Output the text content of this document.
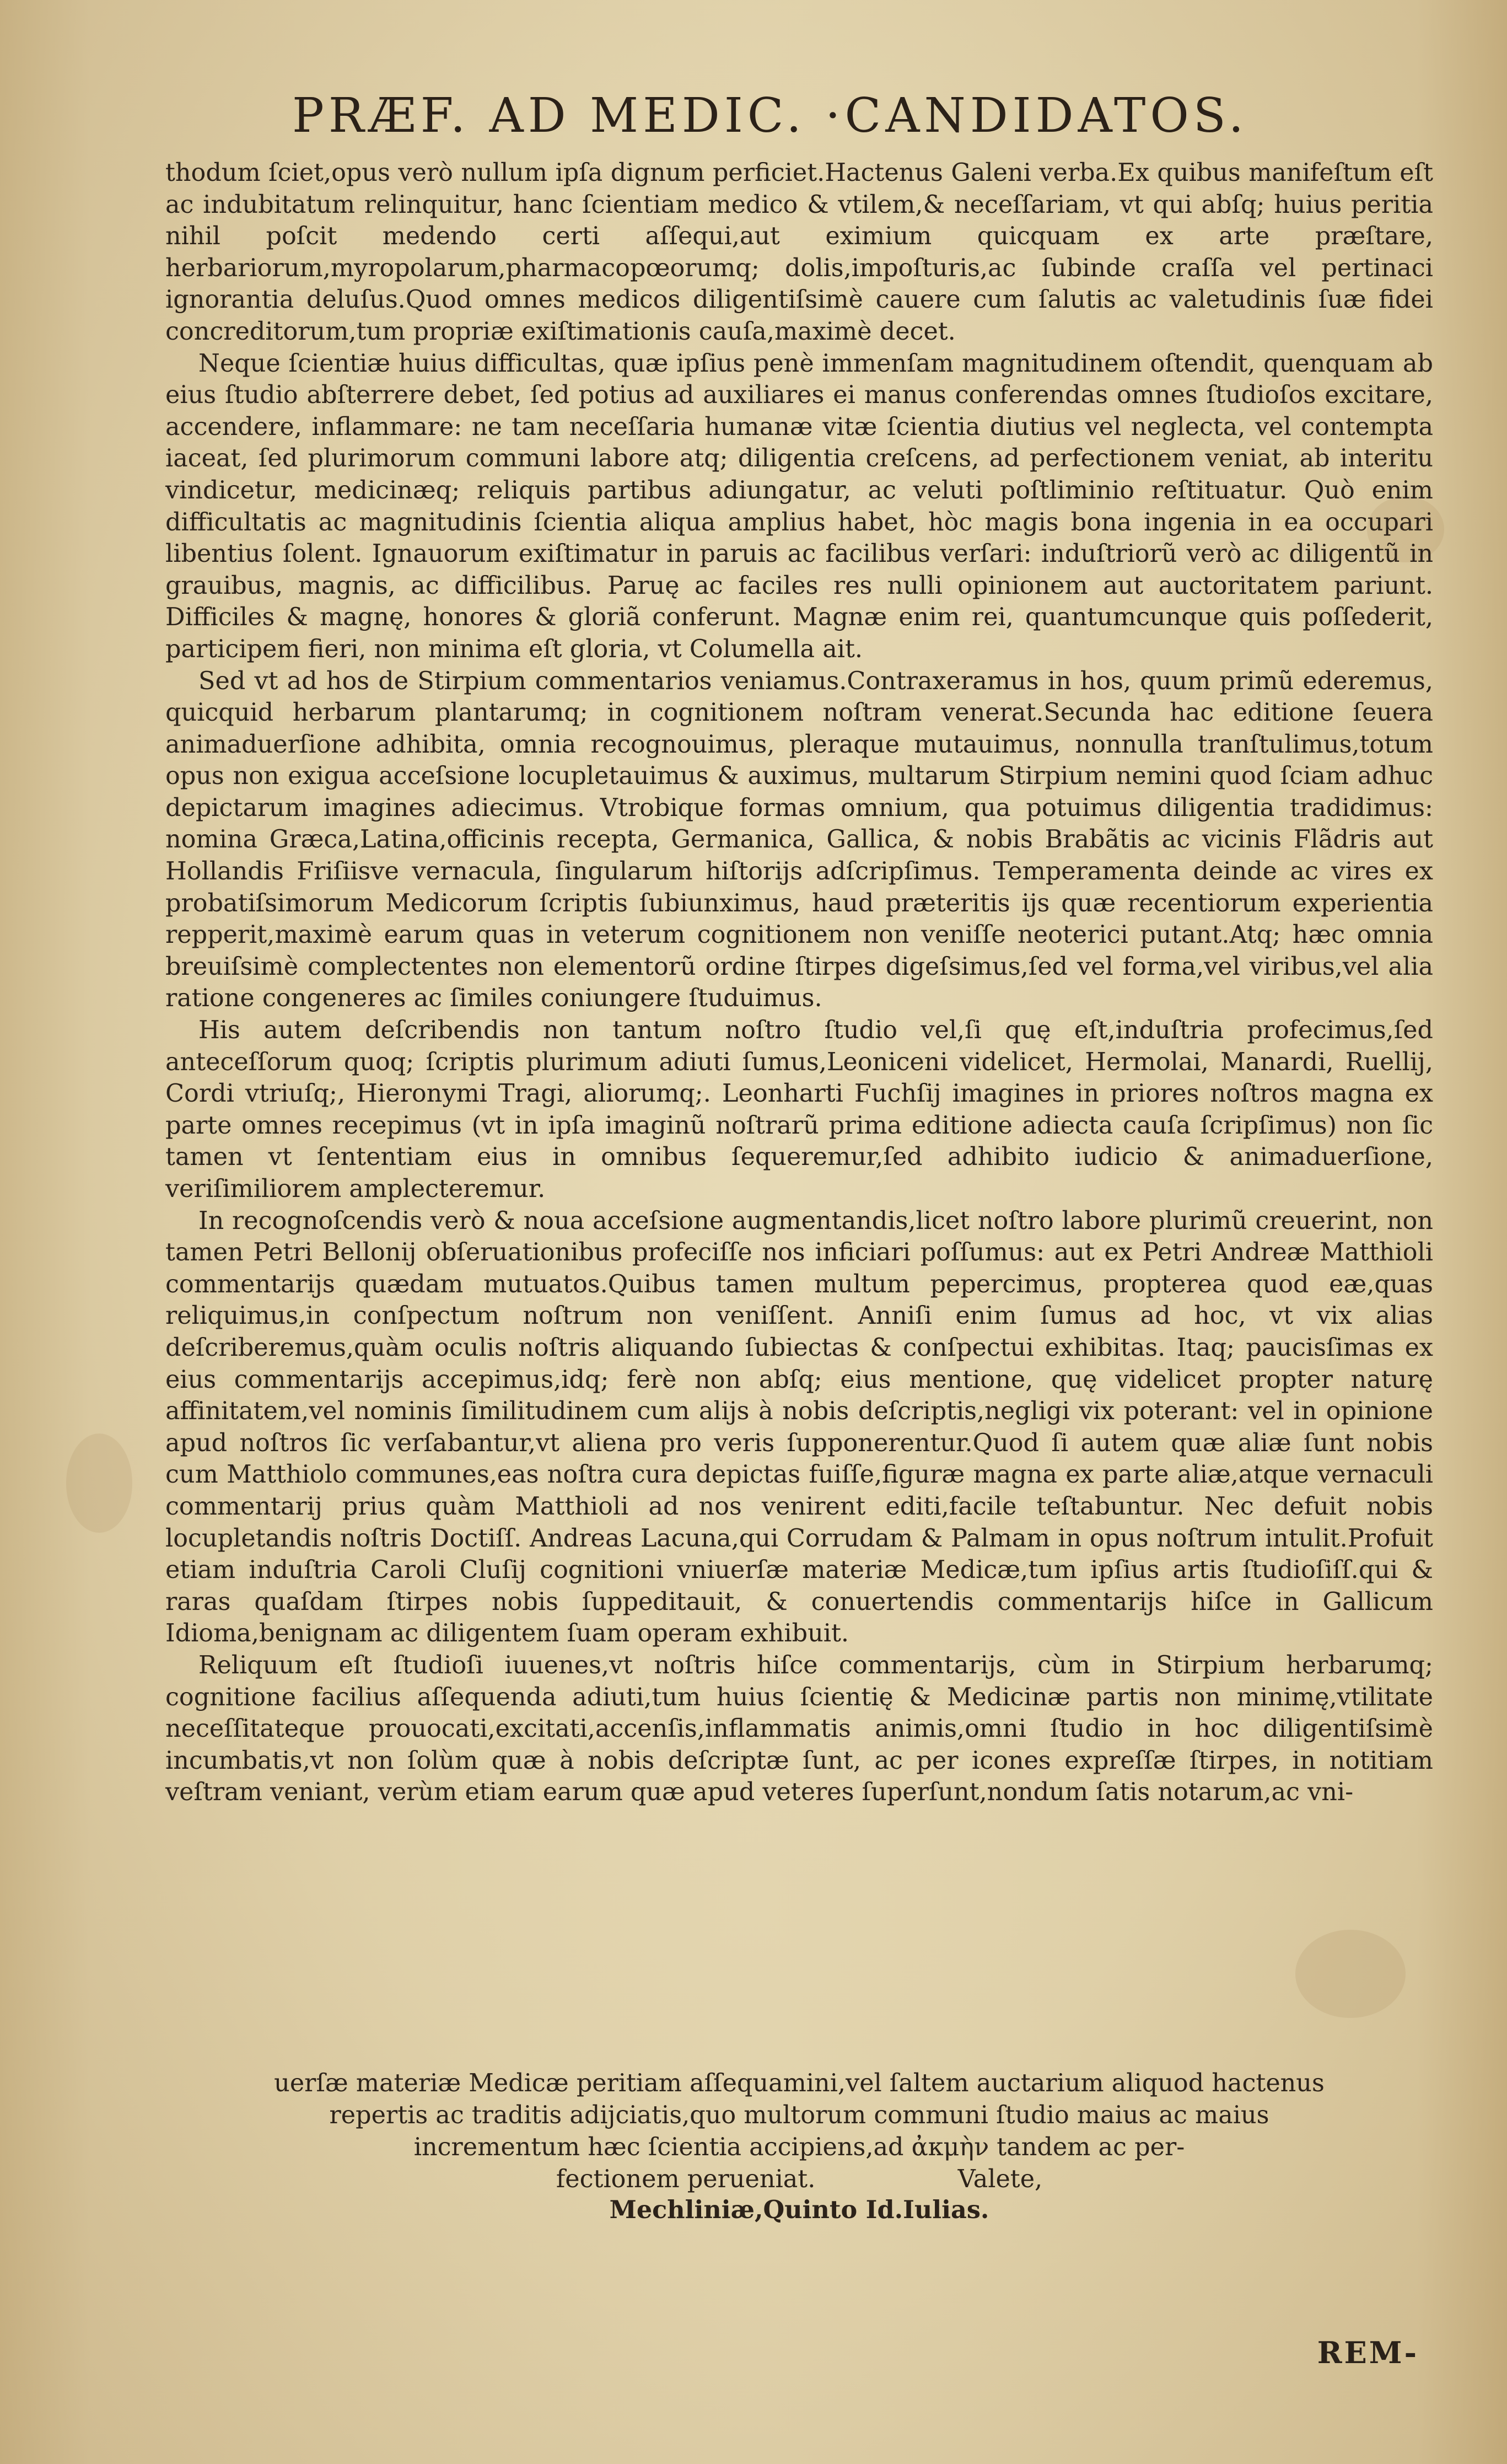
PRÆF. AD MEDIC. ·CANDIDATOS.

thodum ſciet,opus verò nullum ipſa dignum perficiet.Hactenus Galeni verba.Ex quibus manifeſtum eſt ac indubitatum relinquitur, hanc ſcientiam medico & vtilem,& neceſſariam, vt qui abſq; huius peritia nihil poſcit medendo certi aſſequi,aut eximium quicquam ex arte præſtare, herbariorum,myropolarum,pharmacopœorumq; dolis,impoſturis,ac ſubinde craſſa vel pertinaci ignorantia deluſus.Quod omnes medicos diligentiſsimè cauere cum ſalutis ac valetudinis ſuæ fidei concreditorum,tum propriæ exiſtimationis cauſa,maximè decet.

Neque ſcientiæ huius difficultas, quæ ipſius penè immenſam magnitudinem oſtendit, quenquam ab eius ſtudio abſterrere debet, ſed potius ad auxiliares ei manus conferendas omnes ſtudioſos excitare, accendere, inflammare: ne tam neceſſaria humanæ vitæ ſcientia diutius vel neglecta, vel contempta iaceat, ſed plurimorum communi labore atq; diligentia creſcens, ad perfectionem veniat, ab interitu vindicetur, medicinæq; reliquis partibus adiungatur, ac veluti poſtliminio reſtituatur. Quò enim difficultatis ac magnitudinis ſcientia aliqua amplius habet, hòc magis bona ingenia in ea occupari libentius ſolent. Ignauorum exiſtimatur in paruis ac facilibus verſari: induſtriorũ verò ac diligentũ in grauibus, magnis, ac difficilibus. Paruę ac faciles res nulli opinionem aut auctoritatem pariunt. Difficiles & magnę, honores & gloriã conferunt. Magnæ enim rei, quantumcunque quis poſſederit, participem fieri, non minima eſt gloria, vt Columella ait.

Sed vt ad hos de Stirpium commentarios veniamus.Contraxeramus in hos, quum primũ ederemus, quicquid herbarum plantarumq; in cognitionem noſtram venerat.Secunda hac editione ſeuera animaduerſione adhibita, omnia recognouimus, pleraque mutauimus, nonnulla tranſtulimus,totum opus non exigua acceſsione locupletauimus & auximus, multarum Stirpium nemini quod ſciam adhuc depictarum imagines adiecimus. Vtrobique formas omnium, qua potuimus diligentia tradidimus: nomina Græca,Latina,officinis recepta, Germanica, Gallica, & nobis Brabãtis ac vicinis Flãdris aut Hollandis Friſiisve vernacula, ſingularum hiſtorijs adſcripſimus. Temperamenta deinde ac vires ex probatiſsimorum Medicorum ſcriptis ſubiunximus, haud præteritis ijs quæ recentiorum experientia repperit,maximè earum quas in veterum cognitionem non veniſſe neoterici putant.Atq; hæc omnia breuiſsimè complectentes non elementorũ ordine ſtirpes digeſsimus,ſed vel forma,vel viribus,vel alia ratione congeneres ac ſimiles coniungere ſtuduimus.

His autem deſcribendis non tantum noſtro ſtudio vel,ſi quę eſt,induſtria profecimus,ſed anteceſſorum quoq; ſcriptis plurimum adiuti ſumus,Leoniceni videlicet, Hermolai, Manardi, Ruellij, Cordi vtriuſq;, Hieronymi Tragi, aliorumq;. Leonharti Fuchſij imagines in priores noſtros magna ex parte omnes recepimus (vt in ipſa imaginũ noſtrarũ prima editione adiecta cauſa ſcripſimus) non ſic tamen vt ſententiam eius in omnibus ſequeremur,ſed adhibito iudicio & animaduerſione, veriſimiliorem amplecteremur.

In recognoſcendis verò & noua acceſsione augmentandis,licet noſtro labore plurimũ creuerint, non tamen Petri Bellonij obſeruationibus profeciſſe nos inficiari poſſumus: aut ex Petri Andreæ Matthioli commentarijs quædam mutuatos.Quibus tamen multum pepercimus, propterea quod eæ,quas reliquimus,in conſpectum noſtrum non veniſſent. Anniſi enim ſumus ad hoc, vt vix alias deſcriberemus,quàm oculis noſtris aliquando ſubiectas & conſpectui exhibitas. Itaq; paucisſimas ex eius commentarijs accepimus,idq; ferè non abſq; eius mentione, quę videlicet propter naturę affinitatem,vel nominis ſimilitudinem cum alijs à nobis deſcriptis,negligi vix poterant: vel in opinione apud noſtros ſic verſabantur,vt aliena pro veris ſupponerentur.Quod ſi autem quæ aliæ ſunt nobis cum Matthiolo communes,eas noſtra cura depictas fuiſſe,figuræ magna ex parte aliæ,atque vernaculi commentarij prius quàm Matthioli ad nos venirent editi,facile teſtabuntur. Nec defuit nobis locupletandis noſtris Doctiſſ. Andreas Lacuna,qui Corrudam & Palmam in opus noſtrum intulit.Profuit etiam induſtria Caroli Cluſij cognitioni vniuerſæ materiæ Medicæ,tum ipſius artis ſtudioſiſſ.qui & raras quaſdam ſtirpes nobis ſuppeditauit, & conuertendis commentarijs hiſce in Gallicum Idioma,benignam ac diligentem ſuam operam exhibuit.

Reliquum eſt ſtudioſi iuuenes,vt noſtris hiſce commentarijs, cùm in Stirpium herbarumq; cognitione facilius aſſequenda adiuti,tum huius ſcientię & Medicinæ partis non minimę,vtilitate neceſſitateque prouocati,excitati,accenſis,inflammatis animis,omni ſtudio in hoc diligentiſsimè incumbatis,vt non ſolùm quæ à nobis deſcriptæ ſunt, ac per icones expreſſæ ſtirpes, in notitiam veſtram veniant, verùm etiam earum quæ apud veteres ſuperſunt,nondum ſatis notarum,ac vni-

uerſæ materiæ Medicæ peritiam aſſequamini,vel ſaltem auctarium aliquod hactenus
repertis ac traditis adijciatis,quo multorum communi ſtudio maius ac maius
incrementum hæc ſcientia accipiens,ad ἀκμὴν tandem ac per-
fectionem perueniat.	Valete,
Mechliniæ,Quinto Id.Iulias.
REM-
